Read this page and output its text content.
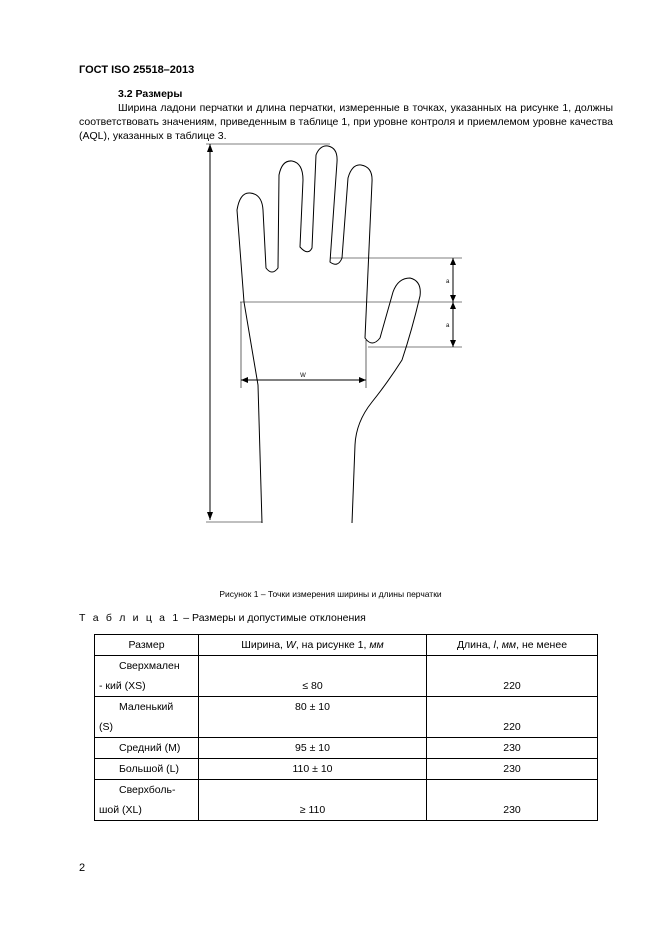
ГОСТ ISO 25518–2013
3.2 Размеры
Ширина ладони перчатки и длина перчатки, измеренные в точках, указанных на рисунке 1, должны соответствовать значениям, приведенным в таблице 1, при уровне контроля и приемлемом уровне качества (AQL), указанных в таблице 3.
W
a
a
Рисунок 1 – Точки измерения ширины и длины перчатки
Т а б л и ц а 1 – Размеры и допустимые отклонения
Размер	Ширина, W, на рисунке 1, мм	Длина, l, мм, не менее

Сверхмален
- кий (XS)	≤ 80	220

Маленький
(S)	80 ± 10	220

Средний (M)	95 ± 10	230

Большой (L)	110 ± 10	230

Сверхболь-
шой (XL)	≥ 110	230
2
